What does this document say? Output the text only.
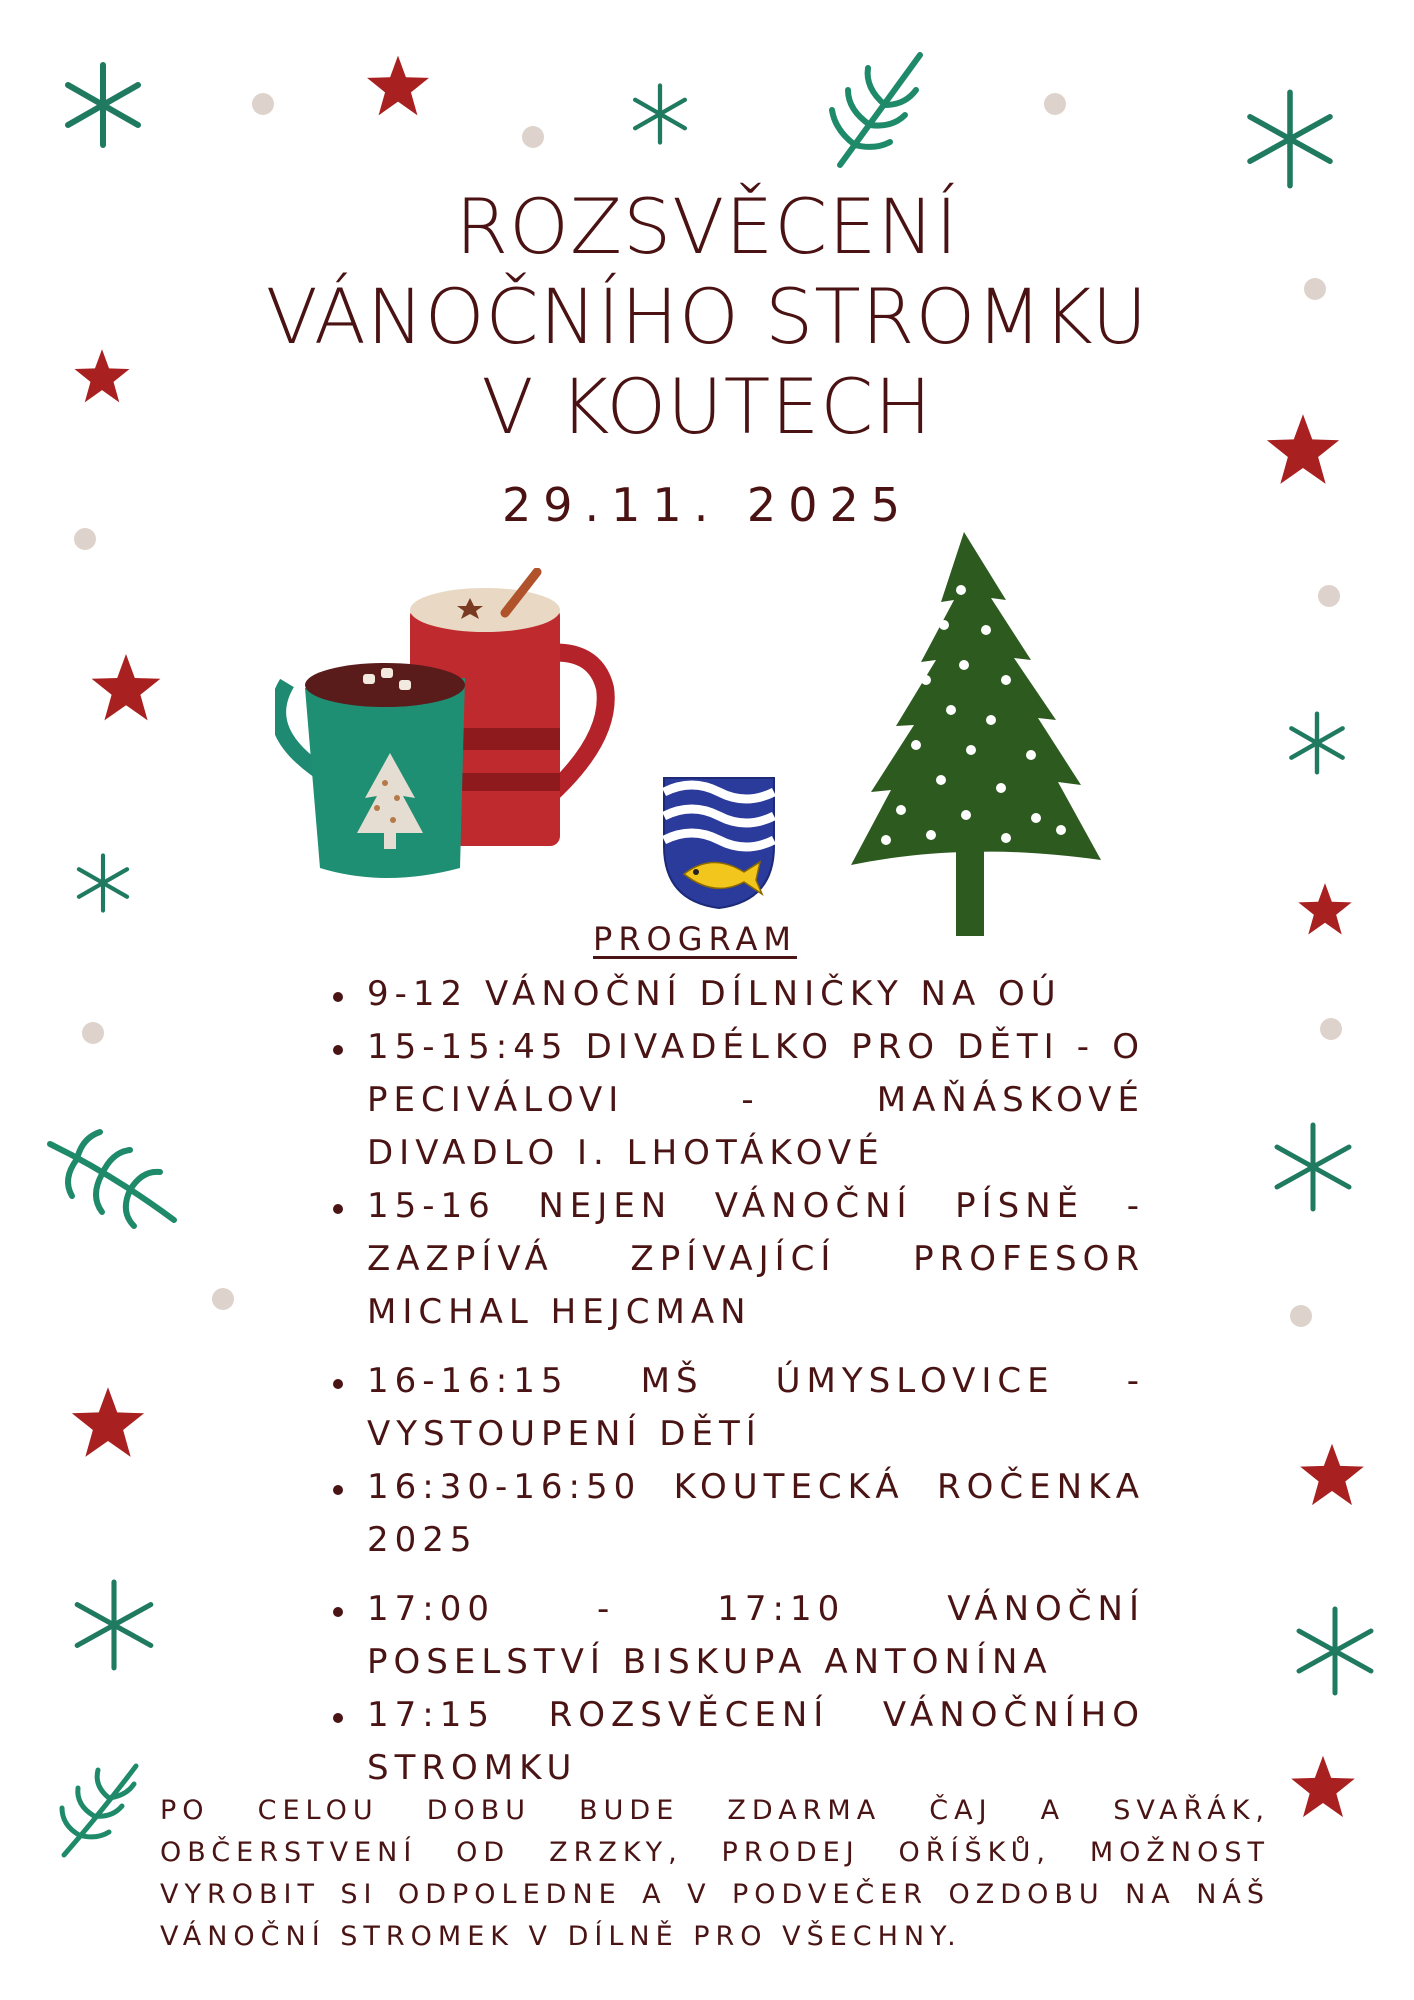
ROZSVĚCENÍ
VÁNOČNÍHO STROMKU
V KOUTECH
29.11. 2025
PROGRAM
9-12 VÁNOČNÍ DÍLNIČKY NA OÚ
15-15:45 DIVADÉLKO PRO DĚTI - O PECIVÁLOVI - MAŇÁSKOVÉ DIVADLO I. LHOTÁKOVÉ
15-16 NEJEN VÁNOČNÍ PÍSNĚ - ZAZPÍVÁ ZPÍVAJÍCÍ PROFESOR MICHAL HEJCMAN
16-16:15 MŠ ÚMYSLOVICE - VYSTOUPENÍ DĚTÍ
16:30-16:50 KOUTECKÁ ROČENKA 2025
17:00 - 17:10 VÁNOČNÍ POSELSTVÍ BISKUPA ANTONÍNA
17:15 ROZSVĚCENÍ VÁNOČNÍHO STROMKU
PO CELOU DOBU BUDE ZDARMA ČAJ A SVAŘÁK, OBČERSTVENÍ OD ZRZKY, PRODEJ OŘÍŠKŮ, MOŽNOST VYROBIT SI ODPOLEDNE A V PODVEČER OZDOBU NA NÁŠ VÁNOČNÍ STROMEK V DÍLNĚ PRO VŠECHNY.
